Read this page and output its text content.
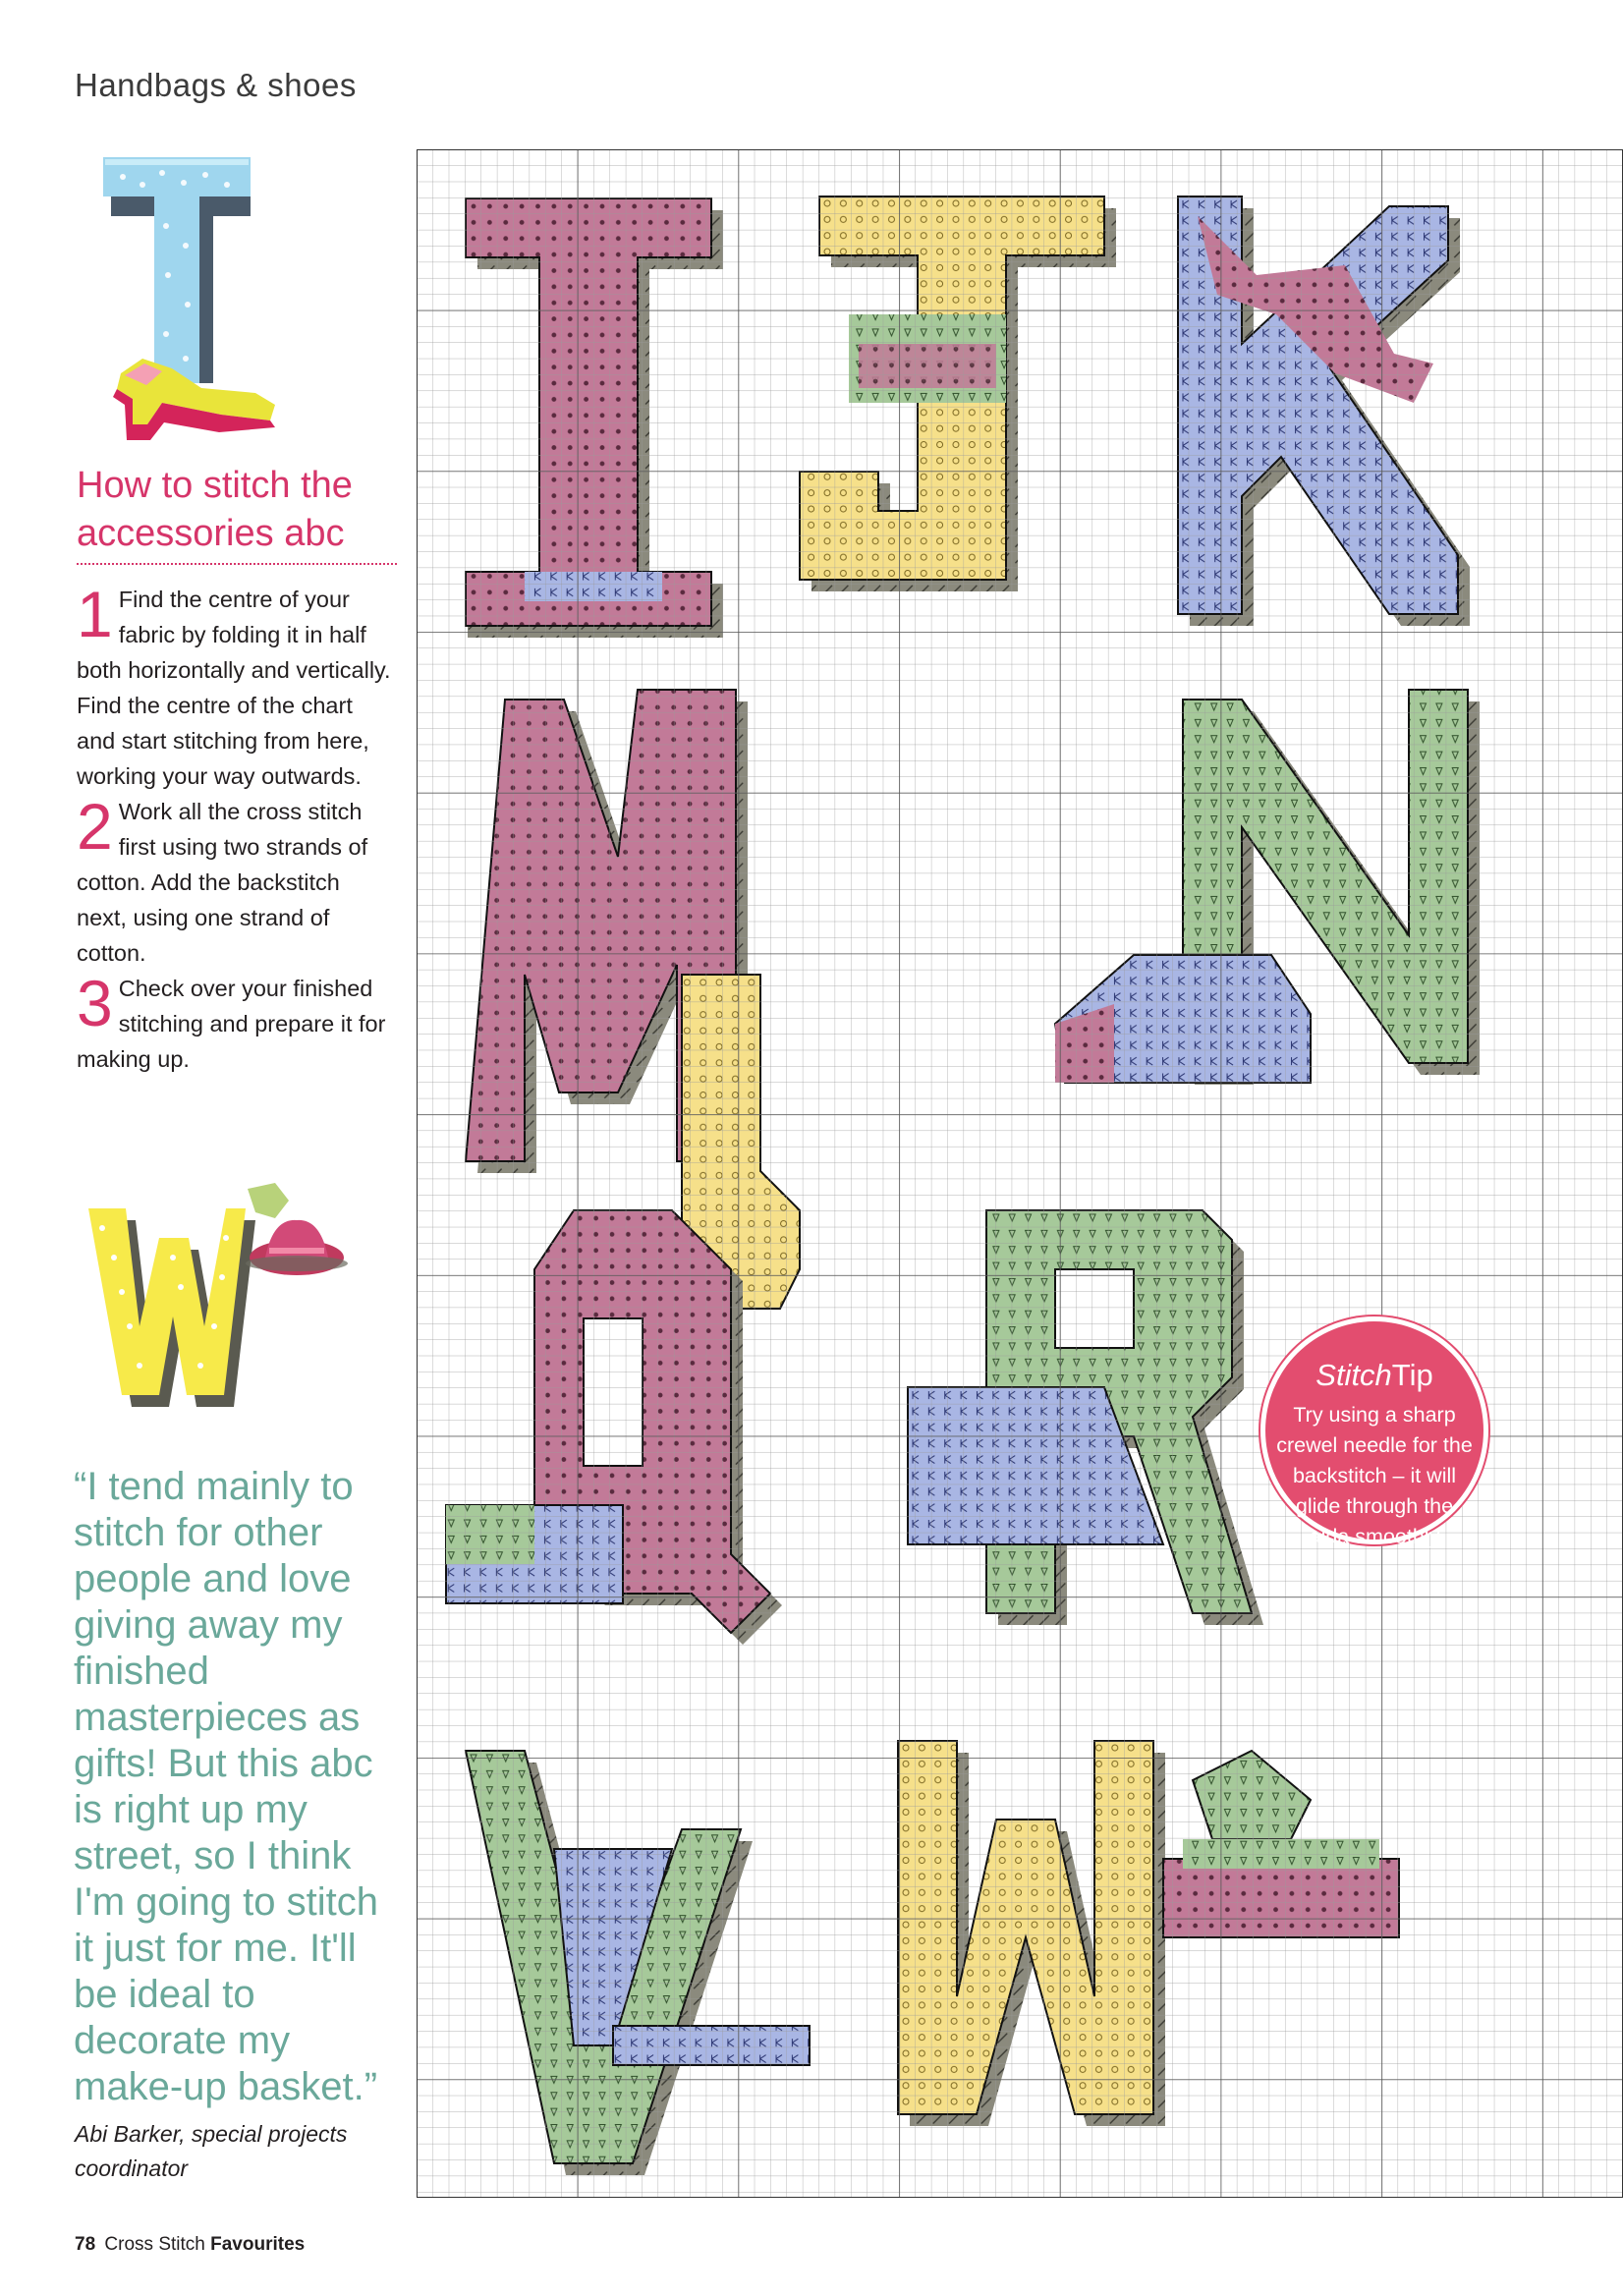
Handbags & shoes
How to stitch the accessories abc

1 Find the centre of your fabric by folding it in half both horizontally and vertically. Find the centre of the chart and start stitching from here, working your way outwards.

2 Work all the cross stitch first using two strands of cotton. Add the backstitch next, using one strand of cotton.

3 Check over your finished stitching and prepare it for making up.

“I tend mainly to stitch for other people and love giving away my finished masterpieces as gifts! But this abc is right up my street, so I think I'm going to stitch it just for me. It'll be ideal to decorate my make-up basket.”

Abi Barker, special projects coordinator
StitchTip
Try using a sharp crewel needle for the backstitch – it will glide through the aida smoothly
78 Cross Stitch Favourites
